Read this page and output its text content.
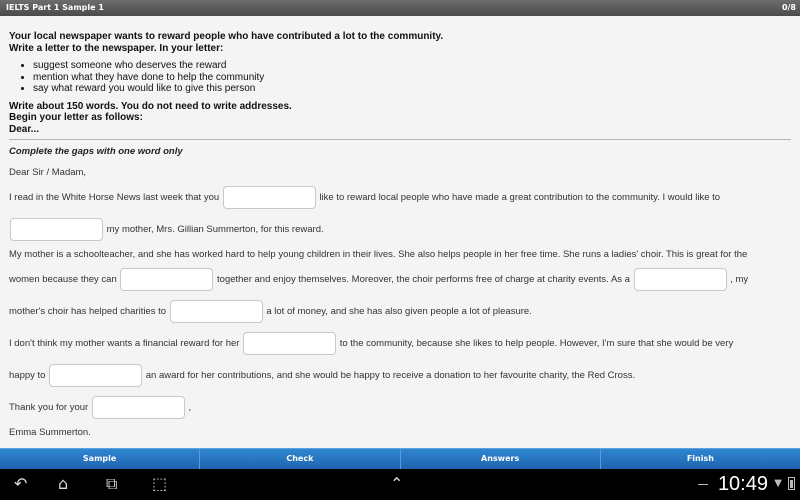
IELTS Part 1 Sample 1	0/8
Your local newspaper wants to reward people who have contributed a lot to the community.
Write a letter to the newspaper. In your letter:
• suggest someone who deserves the reward
• mention what they have done to help the community
• say what reward you would like to give this person
Write about 150 words. You do not need to write addresses.
Begin your letter as follows:
Dear...
Complete the gaps with one word only
Dear Sir / Madam,
I read in the White Horse News last week that you	like to reward local people who have made a great contribution to the community. I would like to
my mother, Mrs. Gillian Summerton, for this reward.
My mother is a schoolteacher, and she has worked hard to help young children in their lives. She also helps people in her free time. She runs a ladies' choir. This is great for the
women because they can	together and enjoy themselves. Moreover, the choir performs free of charge at charity events. As a	, my
mother's choir has helped charities to	a lot of money, and she has also given people a lot of pleasure.
I don't think my mother wants a financial reward for her	to the community, because she likes to help people. However, I'm sure that she would be very
happy to	an award for her contributions, and she would be happy to receive a donation to her favourite charity, the Red Cross.
Thank you for your	,
Emma Summerton.
Sample	Check	Answers	Finish
↶ ⌂ ⧉ ⬚	⌃	10:49 ▼
